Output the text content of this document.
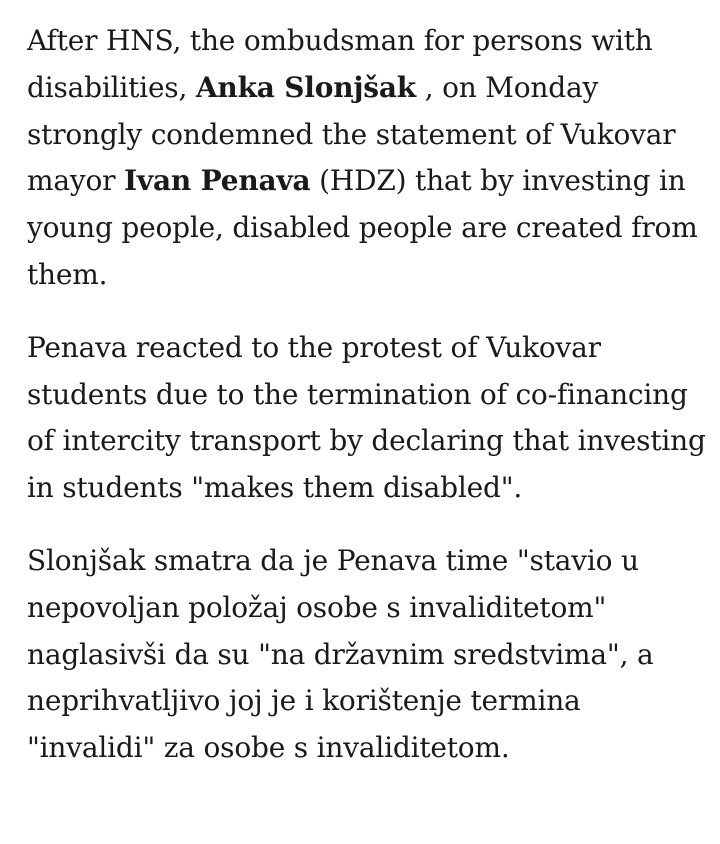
After HNS, the ombudsman for persons with disabilities, Anka Slonjšak , on Monday strongly condemned the statement of Vukovar mayor Ivan Penava (HDZ) that by investing in young people, disabled people are created from them.

Penava reacted to the protest of Vukovar students due to the termination of co-financing of intercity transport by declaring that investing in students "makes them disabled".

Slonjšak smatra da je Penava time "stavio u nepovoljan položaj osobe s invaliditetom" naglasivši da su "na državnim sredstvima", a neprihvatljivo joj je i korištenje termina "invalidi" za osobe s invaliditetom.
